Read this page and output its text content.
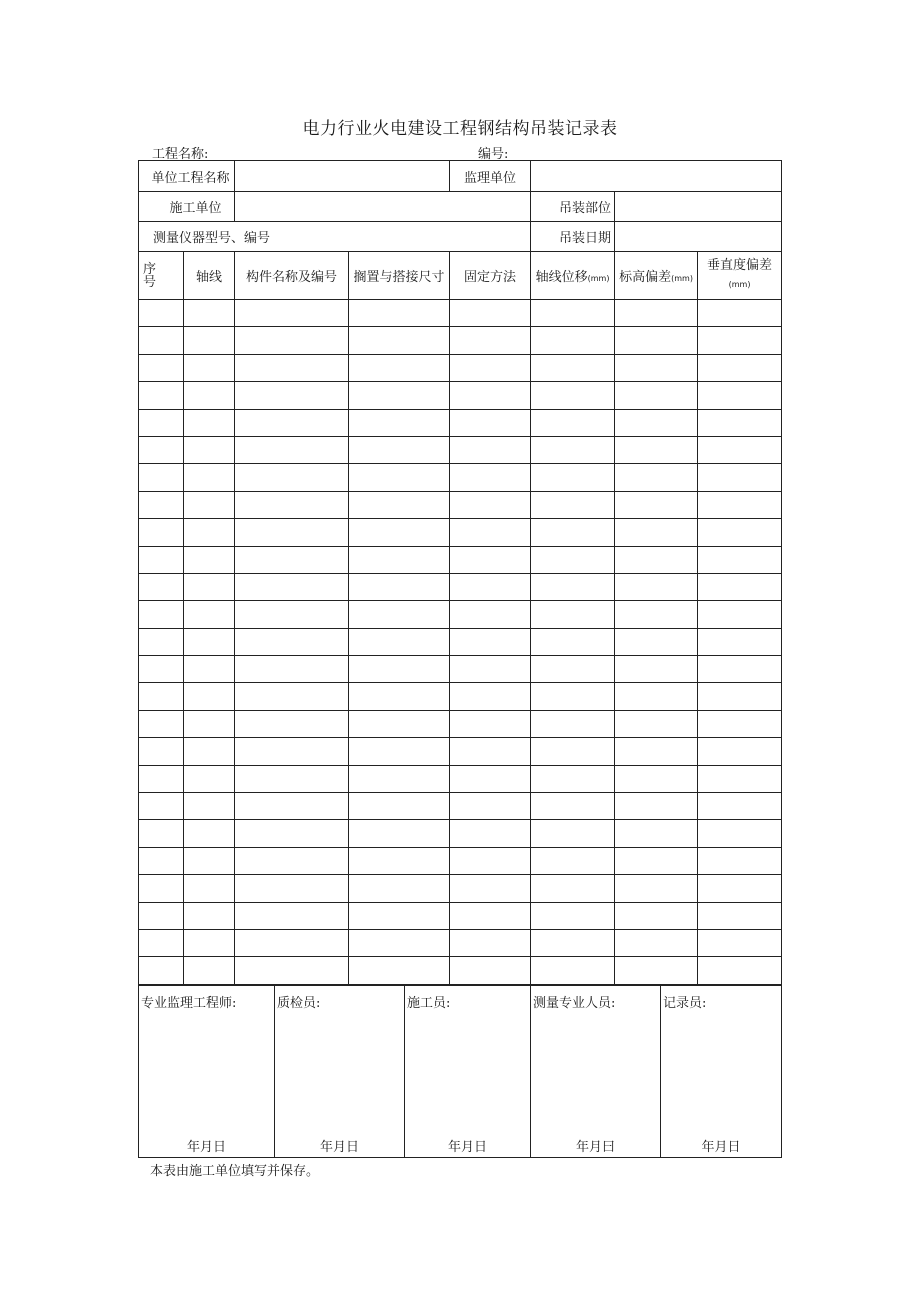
电力行业火电建设工程钢结构吊装记录表
工程名称:	编号:
单位工程名称				监理单位			
施工单位					吊装部位		
测量仪器型号、编号					吊装日期		
序
号	轴线	构件名称及编号	搁置与搭接尺寸	固定方法	轴线位移(mm)	标高偏差(mm)	垂直度偏差
(mm)

专业监理工程师:
年月日

质检员:
年月日

施工员:
年月日

测量专业人员:
年月曰

记录员:
年月日
本表由施工单位填写并保存。
